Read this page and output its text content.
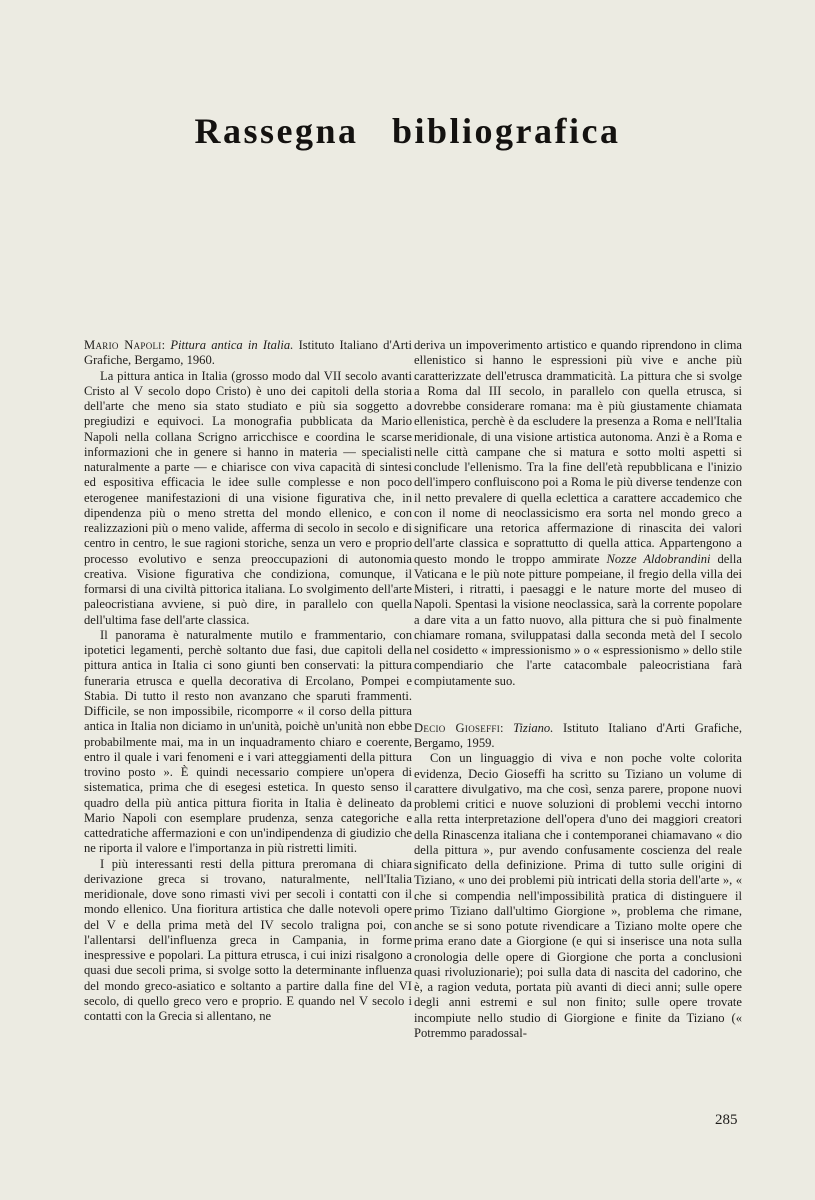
Rassegna bibliografica

Mario Napoli: Pittura antica in Italia. Istituto Italiano d'Arti Grafiche, Bergamo, 1960.

La pittura antica in Italia (grosso modo dal VII secolo avanti Cristo al V secolo dopo Cristo) è uno dei capitoli della storia dell'arte che meno sia stato studiato e più sia soggetto a pregiudizi e equivoci. La monografia pubblicata da Mario Napoli nella collana Scrigno arricchisce e coordina le scarse informazioni che in genere si hanno in materia — specialisti naturalmente a parte — e chiarisce con viva capacità di sintesi ed espositiva efficacia le idee sulle complesse e non poco eterogenee manifestazioni di una visione figurativa che, in dipendenza più o meno stretta del mondo ellenico, e con realizzazioni più o meno valide, afferma di secolo in secolo e di centro in centro, le sue ragioni storiche, senza un vero e proprio processo evolutivo e senza preoccupazioni di autonomia creativa. Visione figurativa che condiziona, comunque, il formarsi di una civiltà pittorica italiana. Lo svolgimento dell'arte paleocristiana avviene, si può dire, in parallelo con quella dell'ultima fase dell'arte classica.

Il panorama è naturalmente mutilo e frammentario, con ipotetici legamenti, perchè soltanto due fasi, due capitoli della pittura antica in Italia ci sono giunti ben conservati: la pittura funeraria etrusca e quella decorativa di Ercolano, Pompei e Stabia. Di tutto il resto non avanzano che sparuti frammenti. Difficile, se non impossibile, ricomporre « il corso della pittura antica in Italia non diciamo in un'unità, poichè un'unità non ebbe probabilmente mai, ma in un inquadramento chiaro e coerente, entro il quale i vari fenomeni e i vari atteggiamenti della pittura trovino posto ». È quindi necessario compiere un'opera di sistematica, prima che di esegesi estetica. In questo senso il quadro della più antica pittura fiorita in Italia è delineato da Mario Napoli con esemplare prudenza, senza categoriche e cattedratiche affermazioni e con un'indipendenza di giudizio che ne riporta il valore e l'importanza in più ristretti limiti.

I più interessanti resti della pittura preromana di chiara derivazione greca si trovano, naturalmente, nell'Italia meridionale, dove sono rimasti vivi per secoli i contatti con il mondo ellenico. Una fioritura artistica che dalle notevoli opere del V e della prima metà del IV secolo traligna poi, con l'allentarsi dell'influenza greca in Campania, in forme inespressive e popolari. La pittura etrusca, i cui inizi risalgono a quasi due secoli prima, si svolge sotto la determinante influenza del mondo greco-asiatico e soltanto a partire dalla fine del VI secolo, di quello greco vero e proprio. E quando nel V secolo i contatti con la Grecia si allentano, ne

deriva un impoverimento artistico e quando riprendono in clima ellenistico si hanno le espressioni più vive e anche più caratterizzate dell'etrusca drammaticità. La pittura che si svolge a Roma dal III secolo, in parallelo con quella etrusca, si dovrebbe considerare romana: ma è più giustamente chiamata ellenistica, perchè è da escludere la presenza a Roma e nell'Italia meridionale, di una visione artistica autonoma. Anzi è a Roma e nelle città campane che si matura e sotto molti aspetti si conclude l'ellenismo. Tra la fine dell'età repubblicana e l'inizio dell'impero confluiscono poi a Roma le più diverse tendenze con il netto prevalere di quella eclettica a carattere accademico che con il nome di neoclassicismo era sorta nel mondo greco a significare una retorica affermazione di rinascita dei valori dell'arte classica e soprattutto di quella attica. Appartengono a questo mondo le troppo ammirate Nozze Aldobrandini della Vaticana e le più note pitture pompeiane, il fregio della villa dei Misteri, i ritratti, i paesaggi e le nature morte del museo di Napoli. Spentasi la visione neoclassica, sarà la corrente popolare a dare vita a un fatto nuovo, alla pittura che si può finalmente chiamare romana, sviluppatasi dalla seconda metà del I secolo nel cosidetto « impressionismo » o « espressionismo » dello stile compendiario che l'arte catacombale paleocristiana farà compiutamente suo.

Decio Gioseffi: Tiziano. Istituto Italiano d'Arti Grafiche, Bergamo, 1959.

Con un linguaggio di viva e non poche volte colorita evidenza, Decio Gioseffi ha scritto su Tiziano un volume di carattere divulgativo, ma che così, senza parere, propone nuovi problemi critici e nuove soluzioni di problemi vecchi intorno alla retta interpretazione dell'opera d'uno dei maggiori creatori della Rinascenza italiana che i contemporanei chiamavano « dio della pittura », pur avendo confusamente coscienza del reale significato della definizione. Prima di tutto sulle origini di Tiziano, « uno dei problemi più intricati della storia dell'arte », « che si compendia nell'impossibilità pratica di distinguere il primo Tiziano dall'ultimo Giorgione », problema che rimane, anche se si sono potute rivendicare a Tiziano molte opere che prima erano date a Giorgione (e qui si inserisce una nota sulla cronologia delle opere di Giorgione che porta a conclusioni quasi rivoluzionarie); poi sulla data di nascita del cadorino, che è, a ragion veduta, portata più avanti di dieci anni; sulle opere degli anni estremi e sul non finito; sulle opere trovate incompiute nello studio di Giorgione e finite da Tiziano (« Potremmo paradossal-

285
